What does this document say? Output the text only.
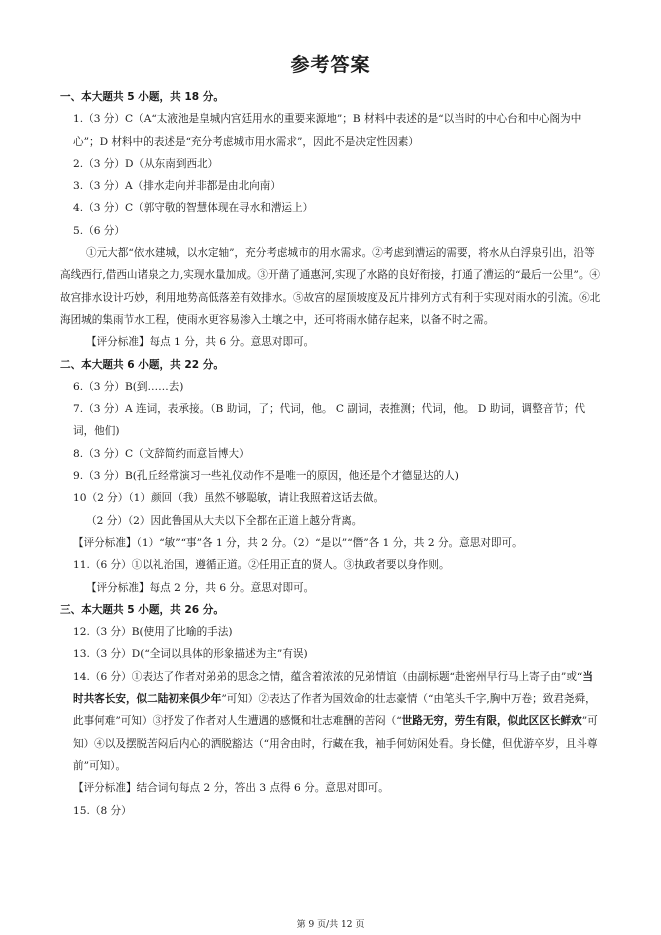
参考答案

一、本大题共 5 小题，共 18 分。

1.（3 分）C（A“太液池是皇城内宫廷用水的重要来源地”；B 材料中表述的是“以当时的中心台和中心阁为中心”；D 材料中的表述是“充分考虑城市用水需求”，因此不是决定性因素）

2.（3 分）D（从东南到西北）

3.（3 分）A（排水走向并非都是由北向南）

4.（3 分）C（郭守敬的智慧体现在寻水和漕运上）

5.（6 分）

①元大都“依水建城，以水定轴”，充分考虑城市的用水需求。②考虑到漕运的需要，将水从白浮泉引出，沿等高线西行,借西山诸泉之力,实现水量加成。③开凿了通惠河,实现了水路的良好衔接，打通了漕运的“最后一公里”。④故宫排水设计巧妙，利用地势高低落差有效排水。⑤故宫的屋顶坡度及瓦片排列方式有利于实现对雨水的引流。⑥北海团城的集雨节水工程，使雨水更容易渗入土壤之中，还可将雨水储存起来，以备不时之需。

【评分标准】每点 1 分，共 6 分。意思对即可。

二、本大题共 6 小题，共 22 分。

6.（3 分）B(到……去)

7.（3 分）A 连词，表承接。（B 助词，了；代词，他。 C 副词，表推测；代词，他。 D 助词，调整音节；代词，他们)

8.（3 分）C（文辞简约而意旨博大）

9.（3 分）B(孔丘经常演习一些礼仪动作不是唯一的原因，他还是个才德显达的人)

10（2 分）（1）颜回（我）虽然不够聪敏，请让我照着这话去做。

（2 分）（2）因此鲁国从大夫以下全都在正道上越分背离。

【评分标准】（1）“敏”“事”各 1 分，共 2 分。（2）“是以”“僭”各 1 分，共 2 分。意思对即可。

11.（6 分）①以礼治国，遵循正道。②任用正直的贤人。③执政者要以身作则。

【评分标准】每点 2 分，共 6 分。意思对即可。

三、本大题共 5 小题，共 26 分。

12.（3 分）B(使用了比喻的手法)

13.（3 分）D(“全词以具体的形象描述为主”有误)

14.（6 分）①表达了作者对弟弟的思念之情，蕴含着浓浓的兄弟情谊（由副标题“赴密州早行马上寄子由”或“当时共客长安，似二陆初来俱少年”可知）②表达了作者为国效命的壮志豪情（“由笔头千字,胸中万卷；致君尧舜，此事何难”可知）③抒发了作者对人生遭遇的感慨和壮志难酬的苦闷（“世路无穷，劳生有限，似此区区长鲜欢”可知）④以及摆脱苦闷后内心的洒脱豁达（“用舍由时，行藏在我，袖手何妨闲处看。身长健，但优游卒岁，且斗尊前”可知）。

【评分标准】结合词句每点 2 分，答出 3 点得 6 分。意思对即可。

15.（8 分）

第 9 页/共 12 页
